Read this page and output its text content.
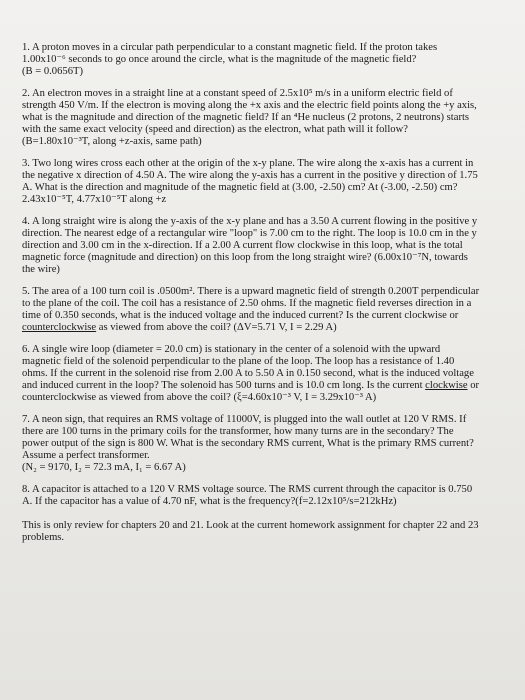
1. A proton moves in a circular path perpendicular to a constant magnetic field. If the proton takes 1.00x10⁻⁶ seconds to go once around the circle, what is the magnitude of the magnetic field?

(B = 0.0656T)

2. An electron moves in a straight line at a constant speed of 2.5x10⁵ m/s in a uniform electric field of strength 450 V/m. If the electron is moving along the +x axis and the electric field points along the +y axis, what is the magnitude and direction of the magnetic field? If an ⁴He nucleus (2 protons, 2 neutrons) starts with the same exact velocity (speed and direction) as the electron, what path will it follow?

(B=1.80x10⁻³T, along +z-axis, same path)

3. Two long wires cross each other at the origin of the x-y plane. The wire along the x-axis has a current in the negative x direction of 4.50 A. The wire along the y-axis has a current in the positive y direction of 1.75 A. What is the direction and magnitude of the magnetic field at (3.00, -2.50) cm? At (-3.00, -2.50) cm? 2.43x10⁻⁵T, 4.77x10⁻⁵T along +z

4. A long straight wire is along the y-axis of the x-y plane and has a 3.50 A current flowing in the positive y direction. The nearest edge of a rectangular wire "loop" is 7.00 cm to the right. The loop is 10.0 cm in the y direction and 3.00 cm in the x-direction. If a 2.00 A current flow clockwise in this loop, what is the total magnetic force (magnitude and direction) on this loop from the long straight wire? (6.00x10⁻⁷N, towards the wire)

5. The area of a 100 turn coil is .0500m². There is a upward magnetic field of strength 0.200T perpendicular to the plane of the coil. The coil has a resistance of 2.50 ohms. If the magnetic field reverses direction in a time of 0.350 seconds, what is the induced voltage and the induced current? Is the current clockwise or counterclockwise as viewed from above the coil? (ΔV=5.71 V, I = 2.29 A)

6. A single wire loop (diameter = 20.0 cm) is stationary in the center of a solenoid with the upward magnetic field of the solenoid perpendicular to the plane of the loop. The loop has a resistance of 1.40 ohms. If the current in the solenoid rise from 2.00 A to 5.50 A in 0.150 second, what is the induced voltage and induced current in the loop? The solenoid has 500 turns and is 10.0 cm long. Is the current clockwise or counterclockwise as viewed from above the coil? (ξ=4.60x10⁻³ V, I = 3.29x10⁻³ A)

7. A neon sign, that requires an RMS voltage of 11000V, is plugged into the wall outlet at 120 V RMS. If there are 100 turns in the primary coils for the transformer, how many turns are in the secondary? The power output of the sign is 800 W. What is the secondary RMS current, What is the primary RMS current? Assume a perfect transformer.

(N₂ = 9170, I₂ = 72.3 mA, I₁ = 6.67 A)

8. A capacitor is attached to a 120 V RMS voltage source. The RMS current through the capacitor is 0.750 A. If the capacitor has a value of 4.70 nF, what is the frequency?(f=2.12x10⁵/s=212kHz)

This is only review for chapters 20 and 21. Look at the current homework assignment for chapter 22 and 23 problems.
